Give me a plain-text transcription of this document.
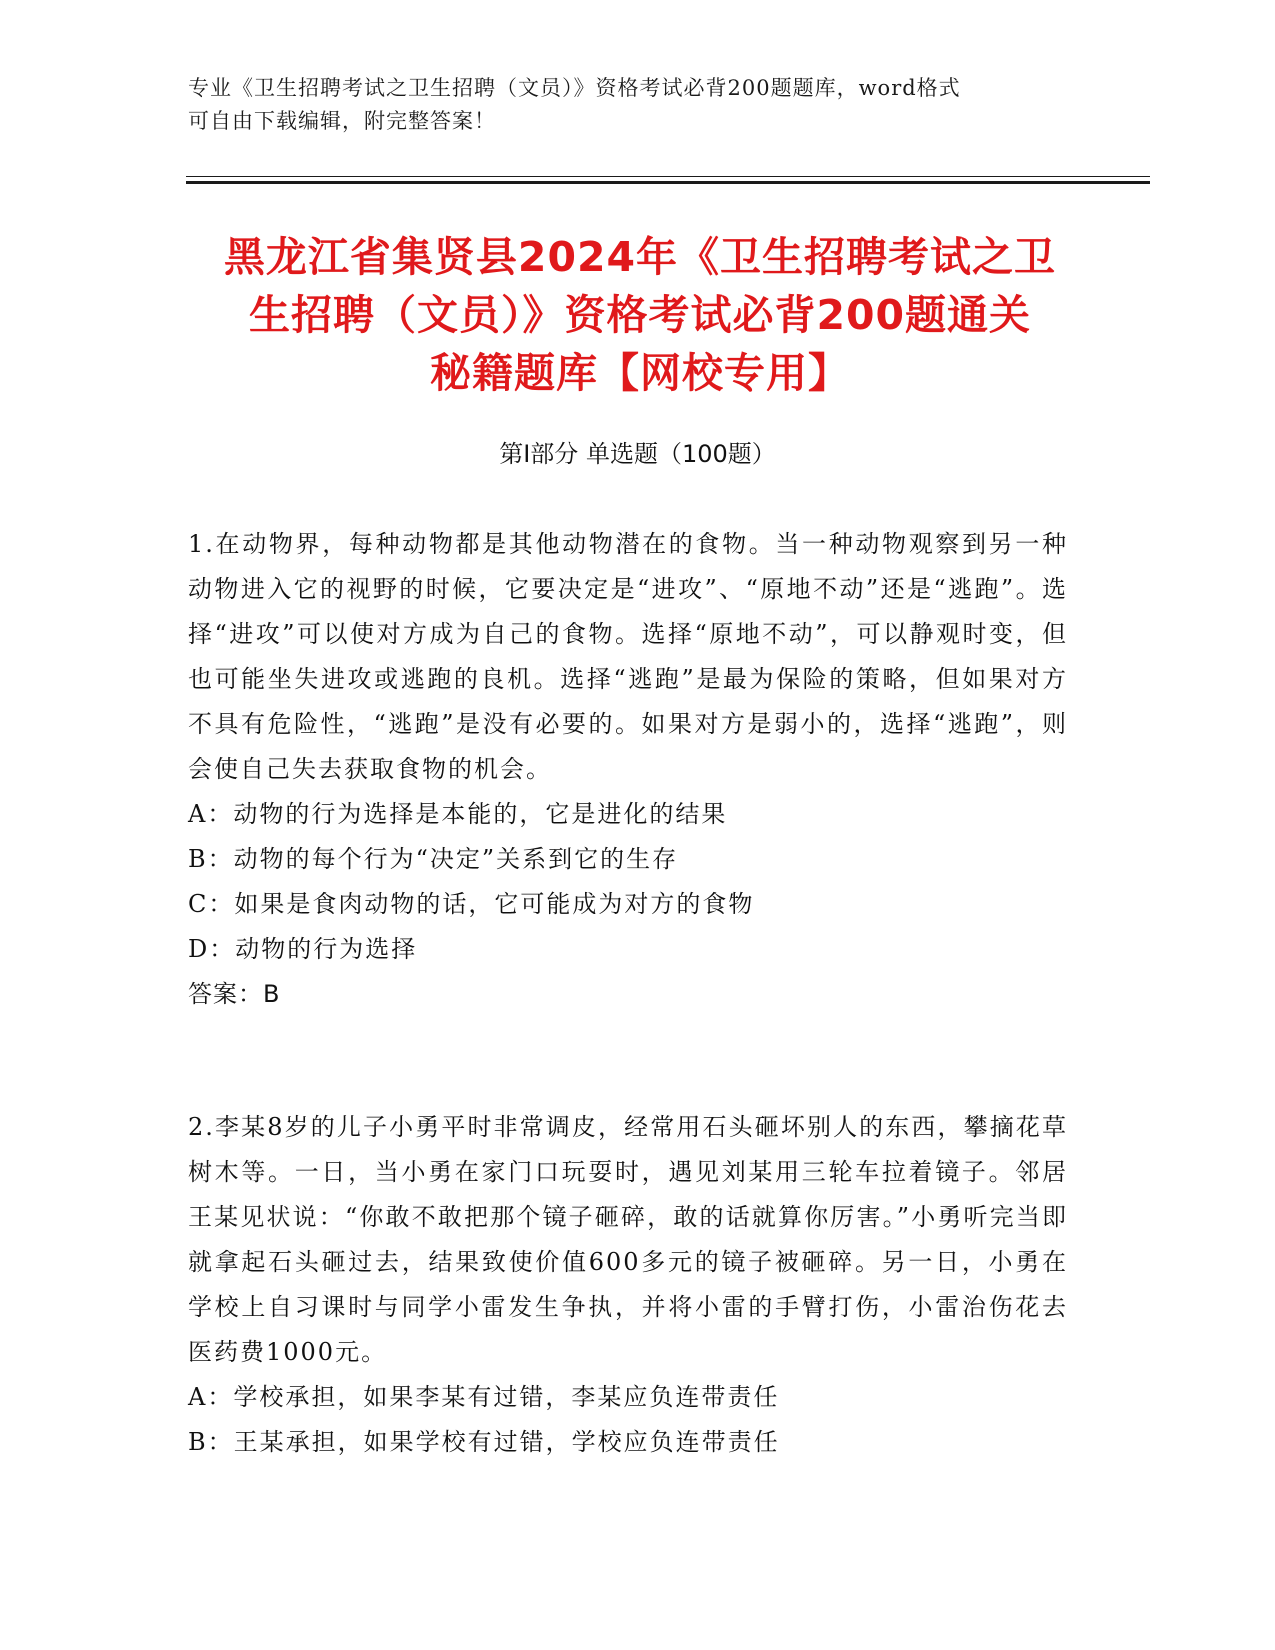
专业《卫生招聘考试之卫生招聘（文员）》资格考试必背200题题库，word格式
可自由下载编辑，附完整答案！
黑龙江省集贤县2024年《卫生招聘考试之卫
生招聘（文员）》资格考试必背200题通关
秘籍题库【网校专用】
第Ⅰ部分 单选题（100题）

1.在动物界，每种动物都是其他动物潜在的食物。当一种动物观察到另一种动物进入它的视野的时候，它要决定是“进攻”、“原地不动”还是“逃跑”。选择“进攻”可以使对方成为自己的食物。选择“原地不动”，可以静观时变，但也可能坐失进攻或逃跑的良机。选择“逃跑”是最为保险的策略，但如果对方不具有危险性，“逃跑”是没有必要的。如果对方是弱小的，选择“逃跑”，则会使自己失去获取食物的机会。

A：动物的行为选择是本能的，它是进化的结果

B：动物的每个行为“决定”关系到它的生存

C：如果是食肉动物的话，它可能成为对方的食物

D：动物的行为选择

答案：B

2.李某8岁的儿子小勇平时非常调皮，经常用石头砸坏别人的东西，攀摘花草树木等。一日，当小勇在家门口玩耍时，遇见刘某用三轮车拉着镜子。邻居王某见状说：“你敢不敢把那个镜子砸碎，敢的话就算你厉害。”小勇听完当即就拿起石头砸过去，结果致使价值600多元的镜子被砸碎。另一日，小勇在学校上自习课时与同学小雷发生争执，并将小雷的手臂打伤，小雷治伤花去医药费1000元。

A：学校承担，如果李某有过错，李某应负连带责任

B：王某承担，如果学校有过错，学校应负连带责任
